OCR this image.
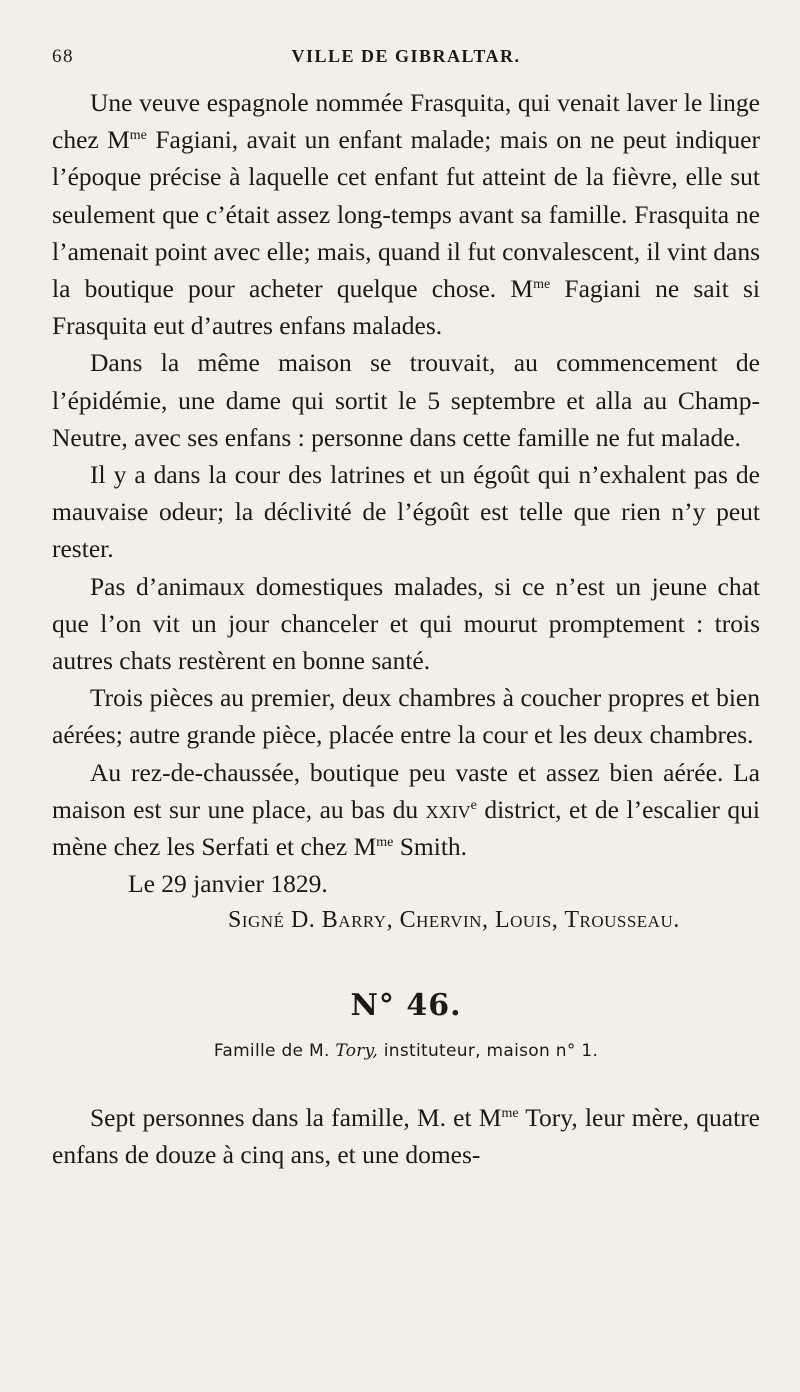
68	VILLE DE GIBRALTAR.

Une veuve espagnole nommée Frasquita, qui venait laver le linge chez $M^{me}$ Fagiani, avait un enfant malade; mais on ne peut indiquer l’époque précise à laquelle cet enfant fut atteint de la fièvre, elle sut seulement que c’était assez long-temps avant sa famille. Frasquita ne l’amenait point avec elle; mais, quand il fut convalescent, il vint dans la boutique pour acheter quelque chose. $M^{me}$ Fagiani ne sait si Frasquita eut d’autres enfans malades.

Dans la même maison se trouvait, au commencement de l’épidémie, une dame qui sortit le 5 septembre et alla au Champ-Neutre, avec ses enfans : personne dans cette famille ne fut malade.

Il y a dans la cour des latrines et un égoût qui n’exhalent pas de mauvaise odeur; la déclivité de l’égoût est telle que rien n’y peut rester.

Pas d’animaux domestiques malades, si ce n’est un jeune chat que l’on vit un jour chanceler et qui mourut promptement : trois autres chats restèrent en bonne santé.

Trois pièces au premier, deux chambres à coucher propres et bien aérées; autre grande pièce, placée entre la cour et les deux chambres.

Au rez-de-chaussée, boutique peu vaste et assez bien aérée. La maison est sur une place, au bas du xxiv$^e$ district, et de l’escalier qui mène chez les Serfati et chez $M^{me}$ Smith.

Le 29 janvier 1829.

Signé D. Barry, Chervin, Louis, Trousseau.

N° 46.
Famille de M. Tory, instituteur, maison n° 1.

Sept personnes dans la famille, M. et $M^{me}$ Tory, leur mère, quatre enfans de douze à cinq ans, et une domes-
